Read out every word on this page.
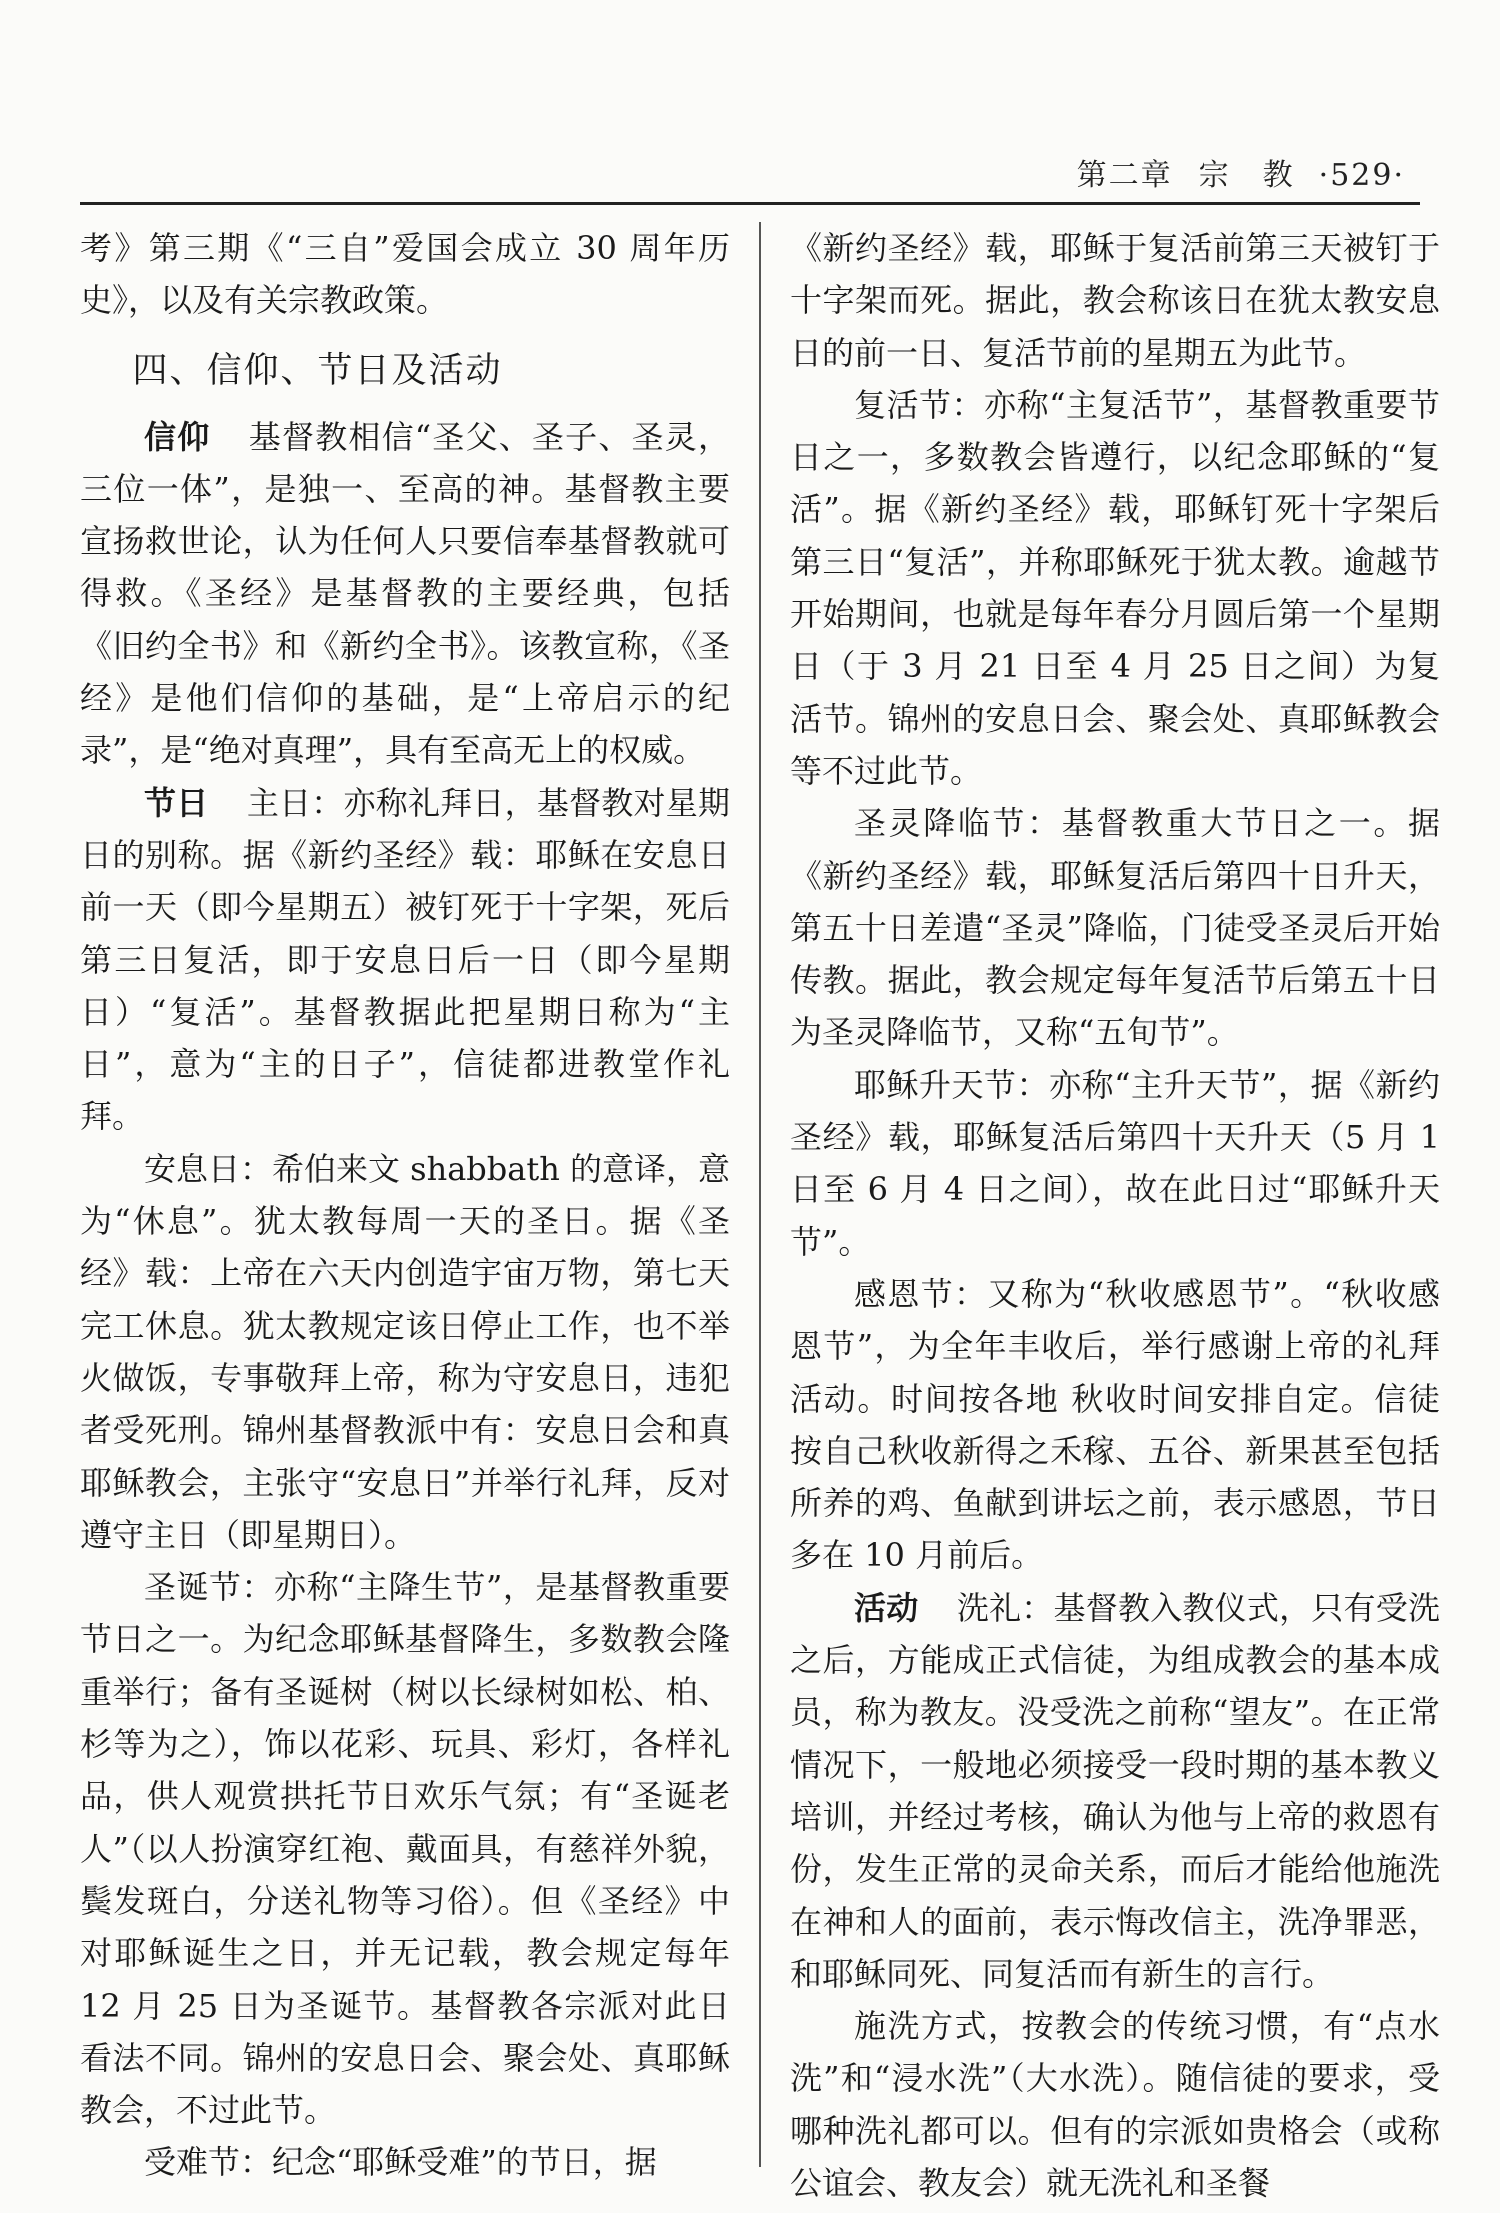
第二章 宗　教 ·529·

考》第三期《“三自”爱国会成立 30 周年历史》，以及有关宗教政策。

四、信仰、节日及活动

信仰 基督教相信“圣父、圣子、圣灵，三位一体”，是独一、至高的神。基督教主要宣扬救世论，认为任何人只要信奉基督教就可得救。《圣经》是基督教的主要经典，包括《旧约全书》和《新约全书》。该教宣称，《圣经》是他们信仰的基础，是“上帝启示的纪录”，是“绝对真理”，具有至高无上的权威。

节日 主日：亦称礼拜日，基督教对星期日的别称。据《新约圣经》载：耶稣在安息日前一天（即今星期五）被钉死于十字架，死后第三日复活，即于安息日后一日（即今星期日）“复活”。基督教据此把星期日称为“主日”，意为“主的日子”，信徒都进教堂作礼拜。

安息日：希伯来文 shabbath 的意译，意为“休息”。犹太教每周一天的圣日。据《圣经》载：上帝在六天内创造宇宙万物，第七天完工休息。犹太教规定该日停止工作，也不举火做饭，专事敬拜上帝，称为守安息日，违犯者受死刑。锦州基督教派中有：安息日会和真耶稣教会，主张守“安息日”并举行礼拜，反对遵守主日（即星期日）。

圣诞节：亦称“主降生节”，是基督教重要节日之一。为纪念耶稣基督降生，多数教会隆重举行；备有圣诞树（树以长绿树如松、柏、杉等为之），饰以花彩、玩具、彩灯，各样礼品，供人观赏拱托节日欢乐气氛；有“圣诞老人”（以人扮演穿红袍、戴面具，有慈祥外貌，鬓发斑白，分送礼物等习俗）。但《圣经》中对耶稣诞生之日，并无记载，教会规定每年 12 月 25 日为圣诞节。基督教各宗派对此日看法不同。锦州的安息日会、聚会处、真耶稣教会，不过此节。

受难节：纪念“耶稣受难”的节日，据

《新约圣经》载，耶稣于复活前第三天被钉于十字架而死。据此，教会称该日在犹太教安息日的前一日、复活节前的星期五为此节。

复活节：亦称“主复活节”，基督教重要节日之一，多数教会皆遵行，以纪念耶稣的“复活”。据《新约圣经》载，耶稣钉死十字架后第三日“复活”，并称耶稣死于犹太教。逾越节开始期间，也就是每年春分月圆后第一个星期日（于 3 月 21 日至 4 月 25 日之间）为复活节。锦州的安息日会、聚会处、真耶稣教会等不过此节。

圣灵降临节：基督教重大节日之一。据《新约圣经》载，耶稣复活后第四十日升天，第五十日差遣“圣灵”降临，门徒受圣灵后开始传教。据此，教会规定每年复活节后第五十日为圣灵降临节，又称“五旬节”。

耶稣升天节：亦称“主升天节”，据《新约圣经》载，耶稣复活后第四十天升天（5 月 1 日至 6 月 4 日之间），故在此日过“耶稣升天节”。

感恩节：又称为“秋收感恩节”。“秋收感恩节”，为全年丰收后，举行感谢上帝的礼拜活动。时间按各地 秋收时间安排自定。信徒按自己秋收新得之禾稼、五谷、新果甚至包括所养的鸡、鱼献到讲坛之前，表示感恩，节日多在 10 月前后。

活动 洗礼：基督教入教仪式，只有受洗之后，方能成正式信徒，为组成教会的基本成员，称为教友。没受洗之前称“望友”。在正常情况下，一般地必须接受一段时期的基本教义培训，并经过考核，确认为他与上帝的救恩有份，发生正常的灵命关系，而后才能给他施洗在神和人的面前，表示悔改信主，洗净罪恶，和耶稣同死、同复活而有新生的言行。

施洗方式，按教会的传统习惯，有“点水洗”和“浸水洗”（大水洗）。随信徒的要求，受哪种洗礼都可以。但有的宗派如贵格会（或称公谊会、教友会）就无洗礼和圣餐
